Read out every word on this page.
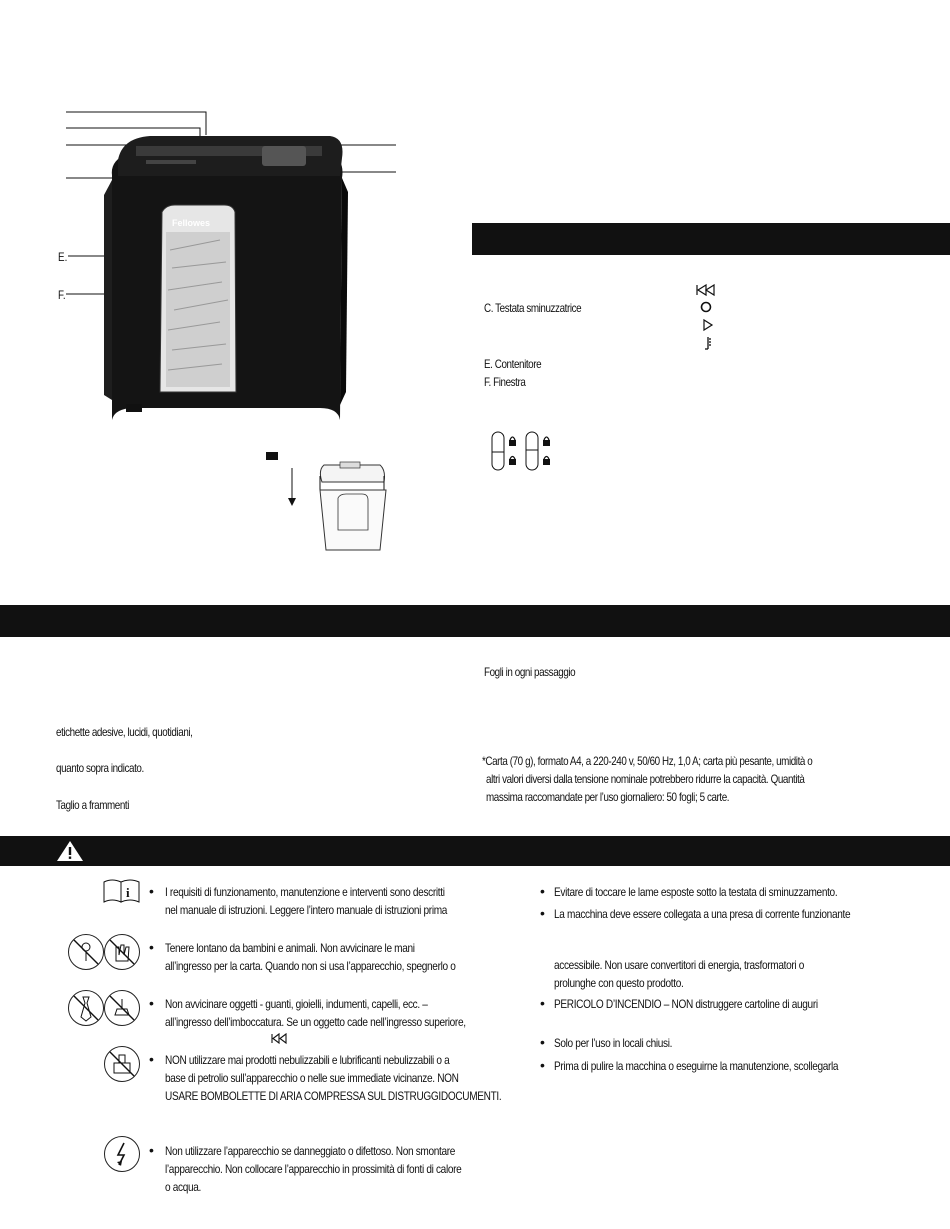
Fellowes
E.
F.
C. Testata sminuzzatrice
E. Contenitore
F. Finestra
Fogli in ogni passaggio
etichette adesive, lucidi, quotidiani,
quanto sopra indicato.
Taglio a frammenti
*Carta (70 g), formato A4, a 220-240 v, 50/60 Hz, 1,0 A; carta più pesante, umidità o
altri valori diversi dalla tensione nominale potrebbero ridurre la capacità. Quantità
massima raccomandate per l’uso giornaliero: 50 fogli; 5 carte.
i • I requisiti di funzionamento, manutenzione e interventi sono descritti
nel manuale di istruzioni. Leggere l’intero manuale di istruzioni prima
• Tenere lontano da bambini e animali. Non avvicinare le mani
all’ingresso per la carta. Quando non si usa l’apparecchio, spegnerlo o
• Non avvicinare oggetti - guanti, gioielli, indumenti, capelli, ecc. –
all’ingresso dell’imboccatura. Se un oggetto cade nell’ingresso superiore,
• NON utilizzare mai prodotti nebulizzabili e lubrificanti nebulizzabili o a
base di petrolio sull’apparecchio o nelle sue immediate vicinanze. NON
USARE BOMBOLETTE DI ARIA COMPRESSA SUL DISTRUGGIDOCUMENTI.
• Non utilizzare l’apparecchio se danneggiato o difettoso. Non smontare
l’apparecchio. Non collocare l’apparecchio in prossimità di fonti di calore
o acqua.
• Evitare di toccare le lame esposte sotto la testata di sminuzzamento.
• La macchina deve essere collegata a una presa di corrente funzionante
accessibile. Non usare convertitori di energia, trasformatori o
prolunghe con questo prodotto.
• PERICOLO D’INCENDIO – NON distruggere cartoline di auguri
• Solo per l’uso in locali chiusi.
• Prima di pulire la macchina o eseguirne la manutenzione, scollegarla
